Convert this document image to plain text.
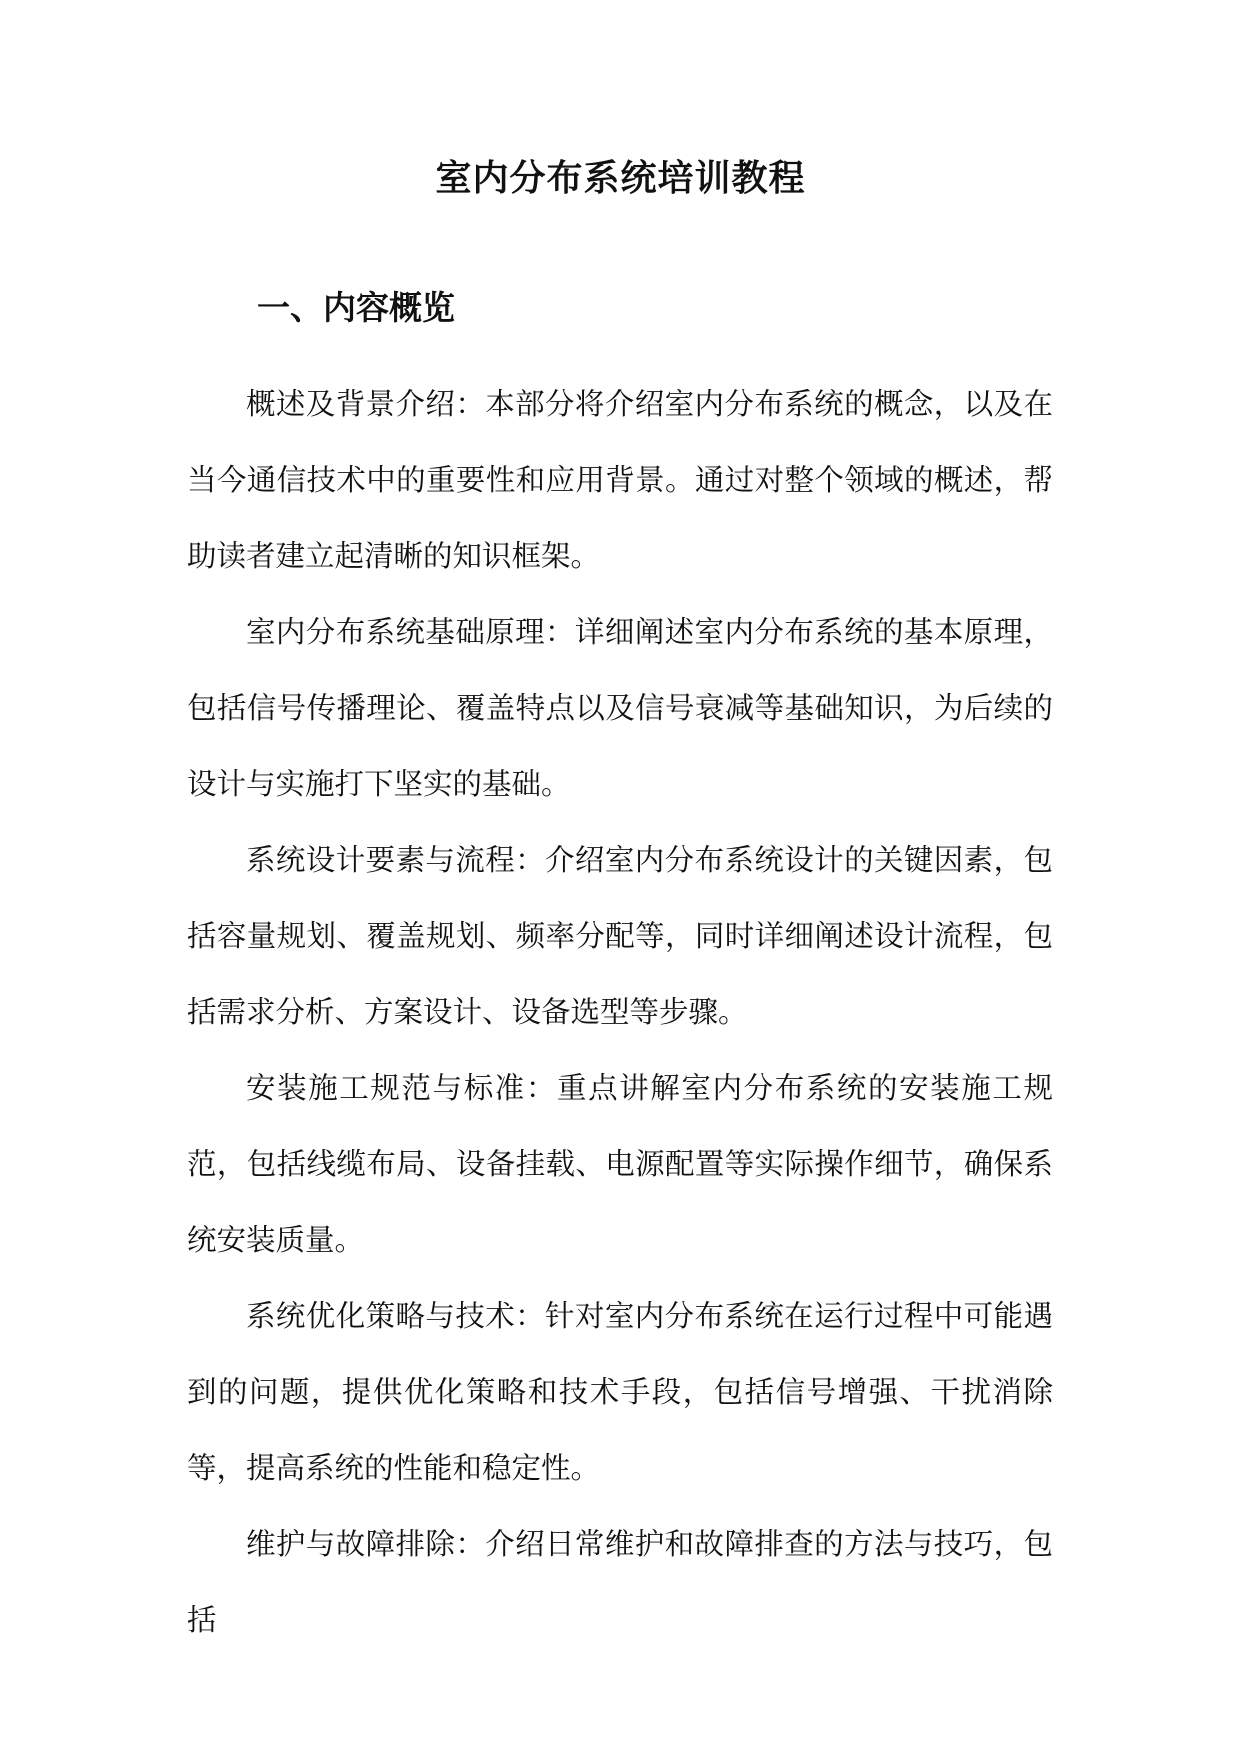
室内分布系统培训教程
一、内容概览

概述及背景介绍：本部分将介绍室内分布系统的概念，以及在当今通信技术中的重要性和应用背景。通过对整个领域的概述，帮助读者建立起清晰的知识框架。

室内分布系统基础原理：详细阐述室内分布系统的基本原理，包括信号传播理论、覆盖特点以及信号衰减等基础知识，为后续的设计与实施打下坚实的基础。

系统设计要素与流程：介绍室内分布系统设计的关键因素，包括容量规划、覆盖规划、频率分配等，同时详细阐述设计流程，包括需求分析、方案设计、设备选型等步骤。

安装施工规范与标准：重点讲解室内分布系统的安装施工规范，包括线缆布局、设备挂载、电源配置等实际操作细节，确保系统安装质量。

系统优化策略与技术：针对室内分布系统在运行过程中可能遇到的问题，提供优化策略和技术手段，包括信号增强、干扰消除等，提高系统的性能和稳定性。

维护与故障排除：介绍日常维护和故障排查的方法与技巧，包括
